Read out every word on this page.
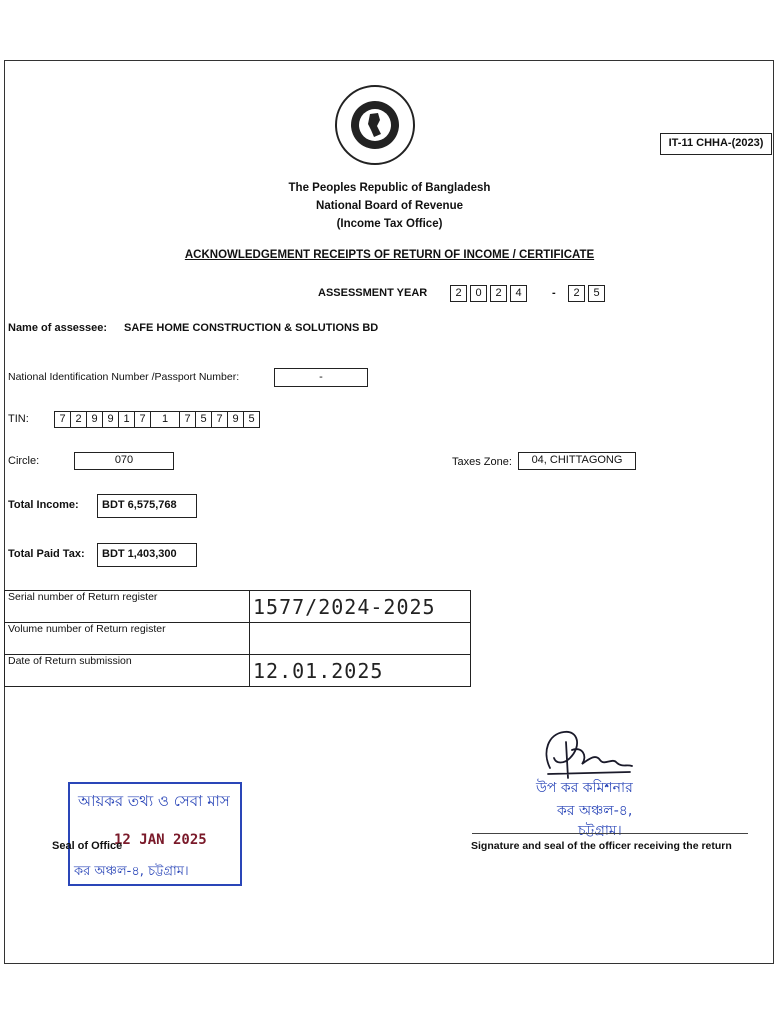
IT-11 CHHA-(2023)
The Peoples Republic of Bangladesh
National Board of Revenue
(Income Tax Office)
ACKNOWLEDGEMENT RECEIPTS OF RETURN OF INCOME / CERTIFICATE
ASSESSMENT YEAR	2	0	2	4	-	2	5
Name of assessee: SAFE HOME CONSTRUCTION & SOLUTIONS BD
National Identification Number /Passport Number:	-
TIN:	7 2 9 9 1 7	1	7 5 7 9 5
Circle:	070	Taxes Zone:	04, CHITTAGONG
Total Income:	BDT 6,575,768
Total Paid Tax:	BDT 1,403,300
Serial number of Return register	1577/2024-2025
Volume number of Return register	
Date of Return submission	12.01.2025
আয়কর তথ্য ও সেবা মাস
12 JAN 2025
কর অঞ্চল-৪, চট্টগ্রাম।
Seal of Office
উপ কর কমিশনার
কর অঞ্চল-৪,
চট্টগ্রাম।
Signature and seal of the officer receiving the return
